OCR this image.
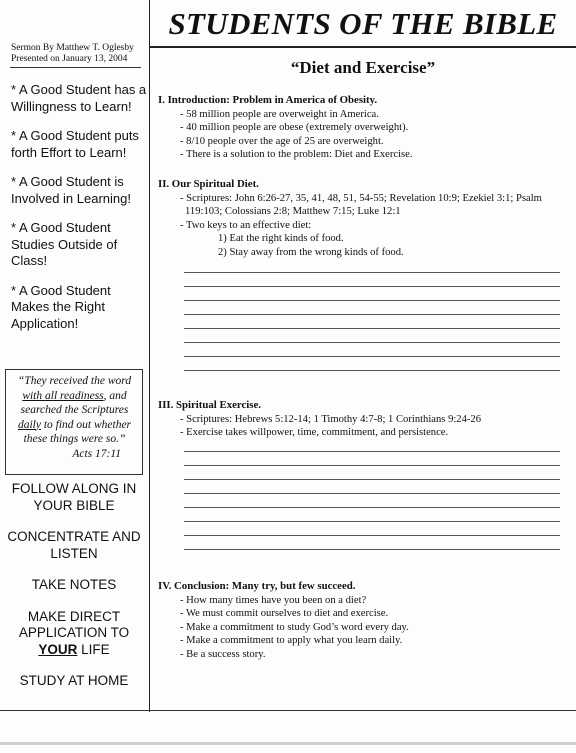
STUDENTS OF THE BIBLE
Sermon By Matthew T. Oglesby
Presented on January 13, 2004
* A Good Student has a Willingness to Learn!
* A Good Student puts forth Effort to Learn!
* A Good Student is Involved in Learning!
* A Good Student Studies Outside of Class!
* A Good Student Makes the Right Application!
“They received the word with all readiness, and searched the Scriptures daily to find out whether these things were so.”
Acts 17:11
FOLLOW ALONG IN YOUR BIBLE
CONCENTRATE AND LISTEN
TAKE NOTES
MAKE DIRECT APPLICATION TO
YOUR LIFE
STUDY AT HOME
“Diet and Exercise”
I. Introduction: Problem in America of Obesity.

- 58 million people are overweight in America.

- 40 million people are obese (extremely overweight).

- 8/10 people over the age of 25 are overweight.

- There is a solution to the problem: Diet and Exercise.

II. Our Spiritual Diet.

- Scriptures: John 6:26-27, 35, 41, 48, 51, 54-55; Revelation 10:9; Ezekiel 3:1; Psalm 119:103; Colossians 2:8; Matthew 7:15; Luke 12:1

- Two keys to an effective diet:

1) Eat the right kinds of food.

2) Stay away from the wrong kinds of food.

III. Spiritual Exercise.

- Scriptures: Hebrews 5:12-14; 1 Timothy 4:7-8; 1 Corinthians 9:24-26

- Exercise takes willpower, time, commitment, and persistence.

IV. Conclusion: Many try, but few succeed.

- How many times have you been on a diet?

- We must commit ourselves to diet and exercise.

- Make a commitment to study God’s word every day.

- Make a commitment to apply what you learn daily.

- Be a success story.
